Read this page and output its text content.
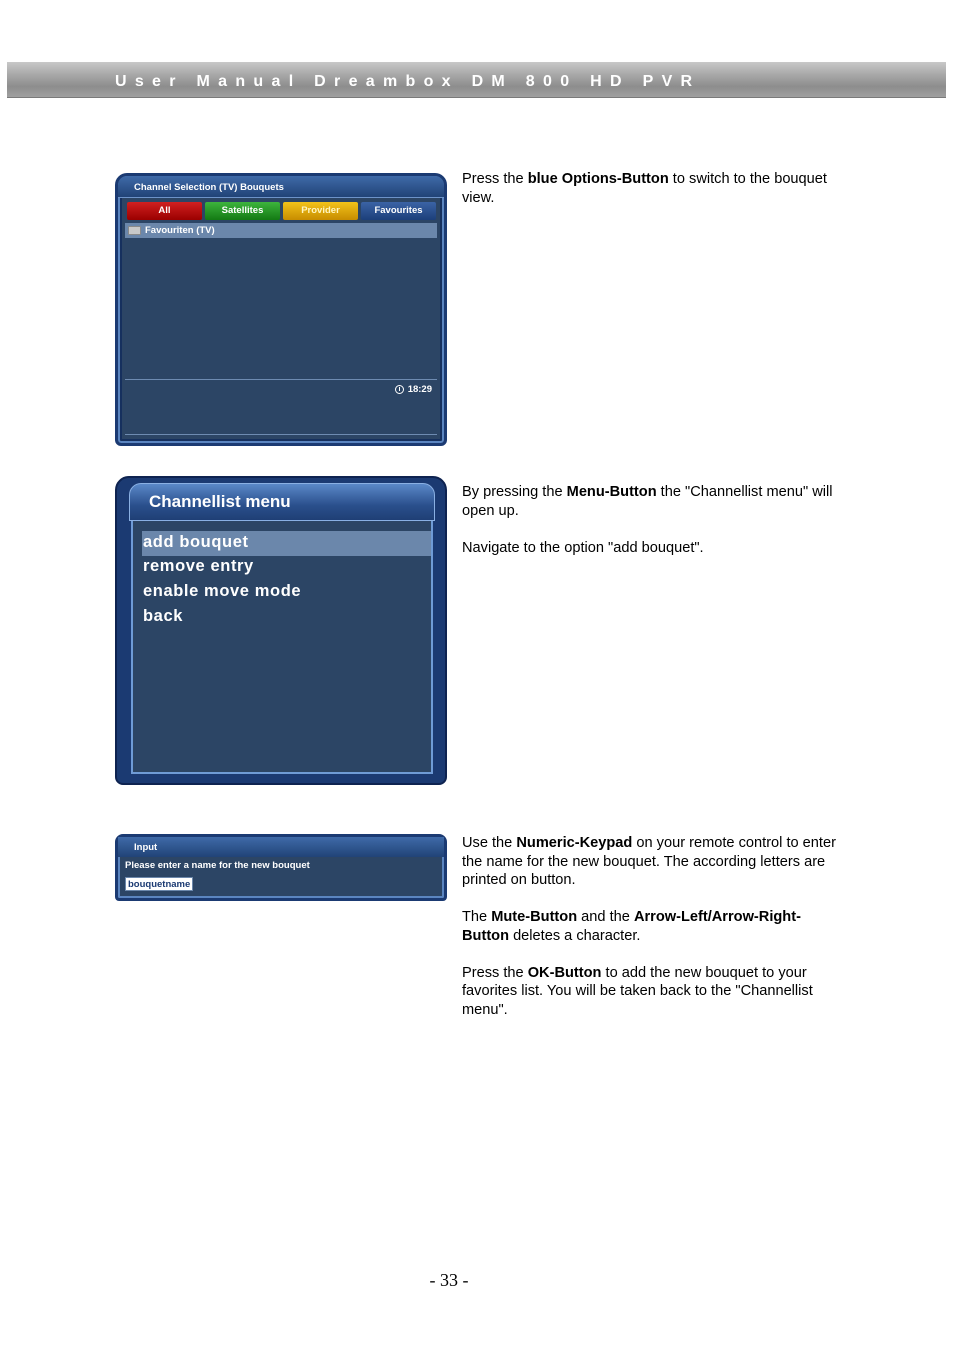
User Manual Dreambox DM 800 HD PVR
Channel Selection (TV) Bouquets
All	Satellites	Provider	Favourites
Favouriten (TV)
18:29

Press the blue Options-Button to switch to the bouquet view.

Channellist menu
add bouquet
remove entry
enable move mode
back

By pressing the Menu-Button the "Channellist menu" will open up.

Navigate to the option "add bouquet".

Input
Please enter a name for the new bouquet
bouquetname

Use the Numeric-Keypad on your remote control to enter the name for the new bouquet. The according letters are printed on button.

The Mute-Button and the Arrow-Left/Arrow-Right-Button deletes a character.

Press the OK-Button to add the new bouquet to your favorites list. You will be taken back to the "Channellist menu".

- 33 -
